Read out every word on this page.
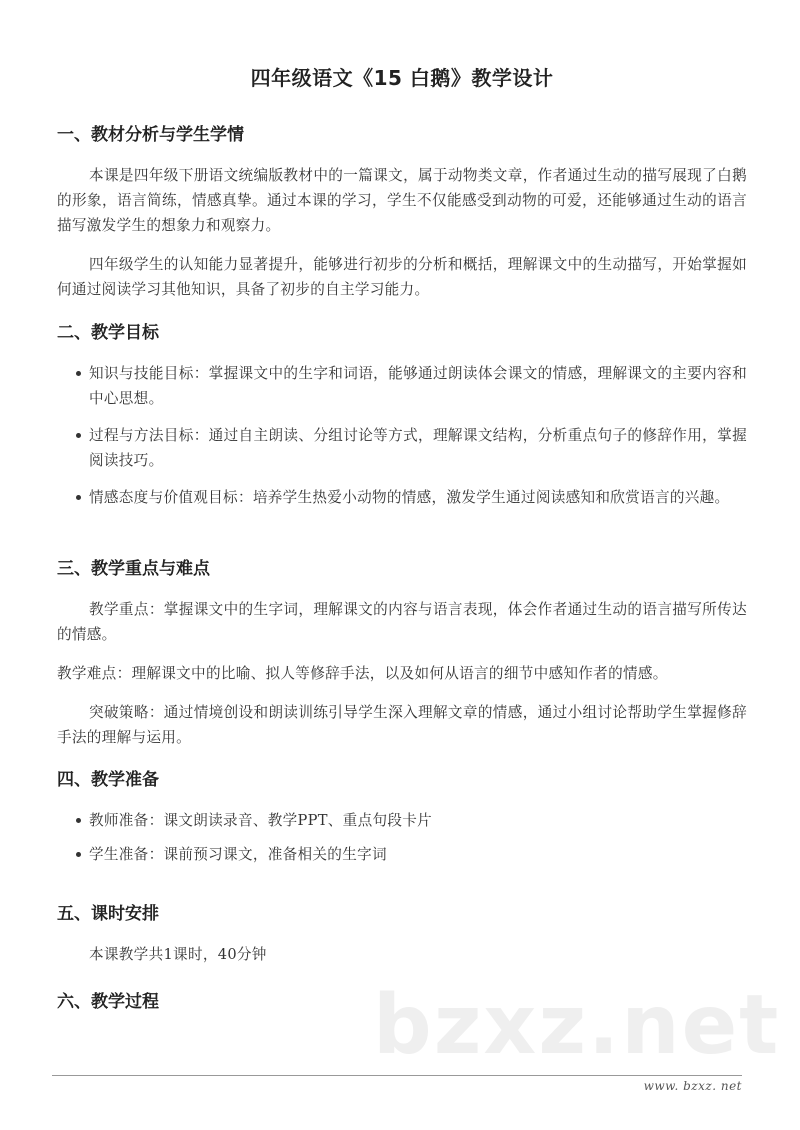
bzxz.net
四年级语文《15 白鹅》教学设计
一、教材分析与学生学情

本课是四年级下册语文统编版教材中的一篇课文，属于动物类文章，作者通过生动的描写展现了白鹅的形象，语言简练，情感真挚。通过本课的学习，学生不仅能感受到动物的可爱，还能够通过生动的语言描写激发学生的想象力和观察力。

四年级学生的认知能力显著提升，能够进行初步的分析和概括，理解课文中的生动描写，开始掌握如何通过阅读学习其他知识，具备了初步的自主学习能力。

二、教学目标
知识与技能目标：掌握课文中的生字和词语，能够通过朗读体会课文的情感，理解课文的主要内容和中心思想。
过程与方法目标：通过自主朗读、分组讨论等方式，理解课文结构，分析重点句子的修辞作用，掌握阅读技巧。
情感态度与价值观目标：培养学生热爱小动物的情感，激发学生通过阅读感知和欣赏语言的兴趣。
三、教学重点与难点

教学重点：掌握课文中的生字词，理解课文的内容与语言表现，体会作者通过生动的语言描写所传达的情感。

教学难点：理解课文中的比喻、拟人等修辞手法，以及如何从语言的细节中感知作者的情感。

突破策略：通过情境创设和朗读训练引导学生深入理解文章的情感，通过小组讨论帮助学生掌握修辞手法的理解与运用。

四、教学准备
教师准备：课文朗读录音、教学PPT、重点句段卡片
学生准备：课前预习课文，准备相关的生字词
五、课时安排

本课教学共1课时，40分钟

六、教学过程
www. bzxz. net
